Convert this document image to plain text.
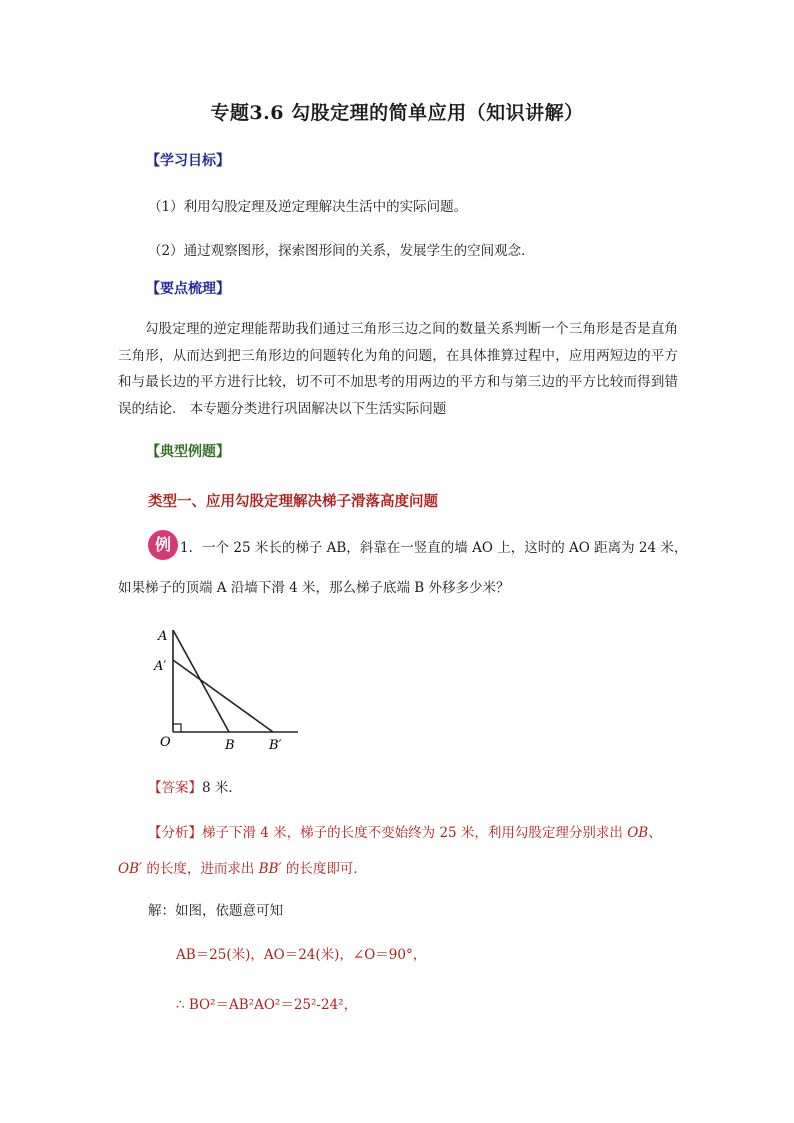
专题3.6 勾股定理的简单应用（知识讲解）
【学习目标】
（1）利用勾股定理及逆定理解决生活中的实际问题。
（2）通过观察图形，探索图形间的关系，发展学生的空间观念．
【要点梳理】
勾股定理的逆定理能帮助我们通过三角形三边之间的数量关系判断一个三角形是否是直角三角形，从而达到把三角形边的问题转化为角的问题，在具体推算过程中，应用两短边的平方和与最长边的平方进行比较，切不可不加思考的用两边的平方和与第三边的平方比较而得到错误的结论． 本专题分类进行巩固解决以下生活实际问题
【典型例题】
类型一、应用勾股定理解决梯子滑落高度问题
例 1．一个 25 米长的梯子 AB，斜靠在一竖直的墙 AO 上，这时的 AO 距离为 24 米，
如果梯子的顶端 A 沿墙下滑 4 米，那么梯子底端 B 外移多少米？
A
A′
O	B	B′
【答案】8 米．
【分析】梯子下滑 4 米，梯子的长度不变始终为 25 米，利用勾股定理分别求出 OB、
OB′ 的长度，进而求出 BB′ 的长度即可．
解：如图，依题意可知
AB＝25(米)，AO＝24(米)，∠O＝90°，
∴ BO²＝AB²AO²＝25²-24²，
